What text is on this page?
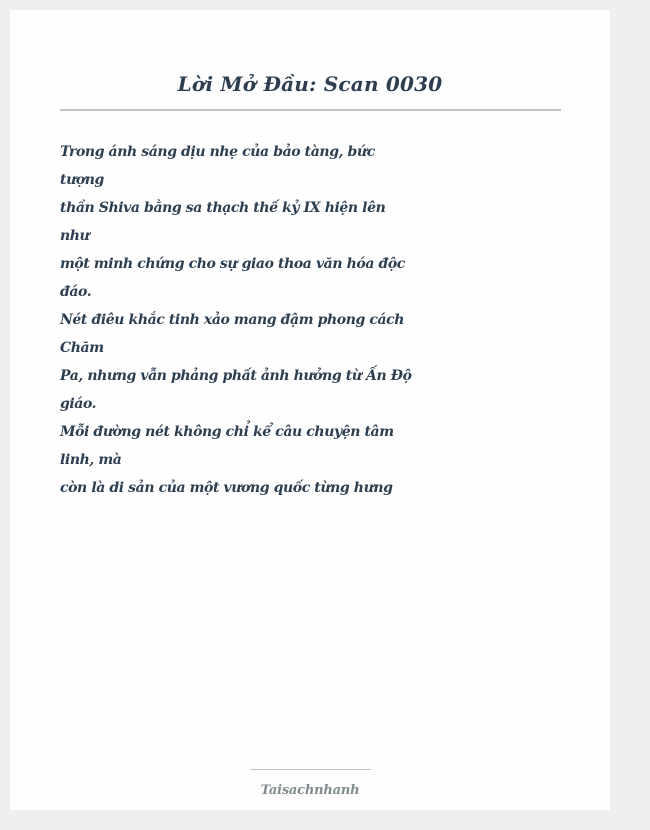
Lời Mở Đầu: Scan 0030
Trong ánh sáng dịu nhẹ của bảo tàng, bức
tượng
thần Shiva bằng sa thạch thế kỷ IX hiện lên
như
một minh chứng cho sự giao thoa văn hóa độc
đáo.
Nét điêu khắc tinh xảo mang đậm phong cách
Chăm
Pa, nhưng vẫn phảng phất ảnh hưởng từ Ấn Độ
giáo.
Mỗi đường nét không chỉ kể câu chuyện tâm
linh, mà
còn là di sản của một vương quốc từng hưng
Taisachnhanh
